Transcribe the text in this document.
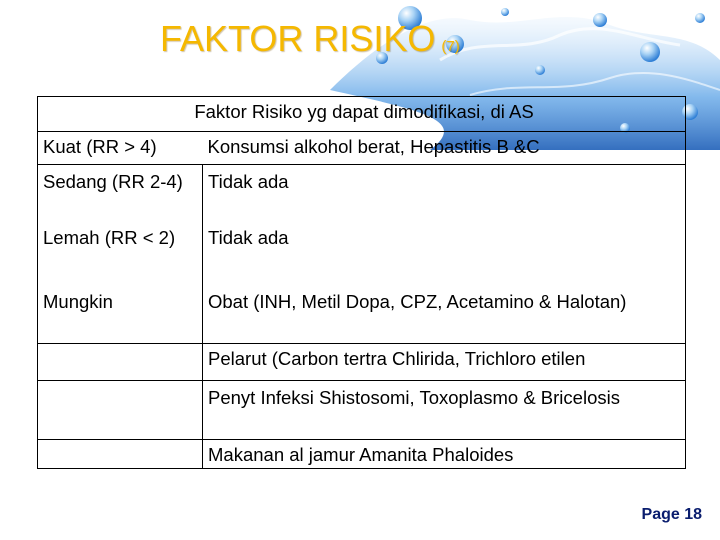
FAKTOR RISIKO (7)
Faktor Risiko yg dapat dimodifikasi, di AS	

Kuat (RR > 4)	Konsumsi alkohol berat, Hepastitis B &C

Sedang (RR 2-4)	Tidak ada

Lemah (RR < 2)	Tidak ada

Mungkin	Obat (INH, Metil Dopa, CPZ, Acetamino & Halotan)

	Pelarut (Carbon tertra Chlirida, Trichloro etilen

	Penyt Infeksi Shistosomi, Toxoplasmo & Bricelosis

	Makanan al jamur Amanita Phaloides
Page 18
